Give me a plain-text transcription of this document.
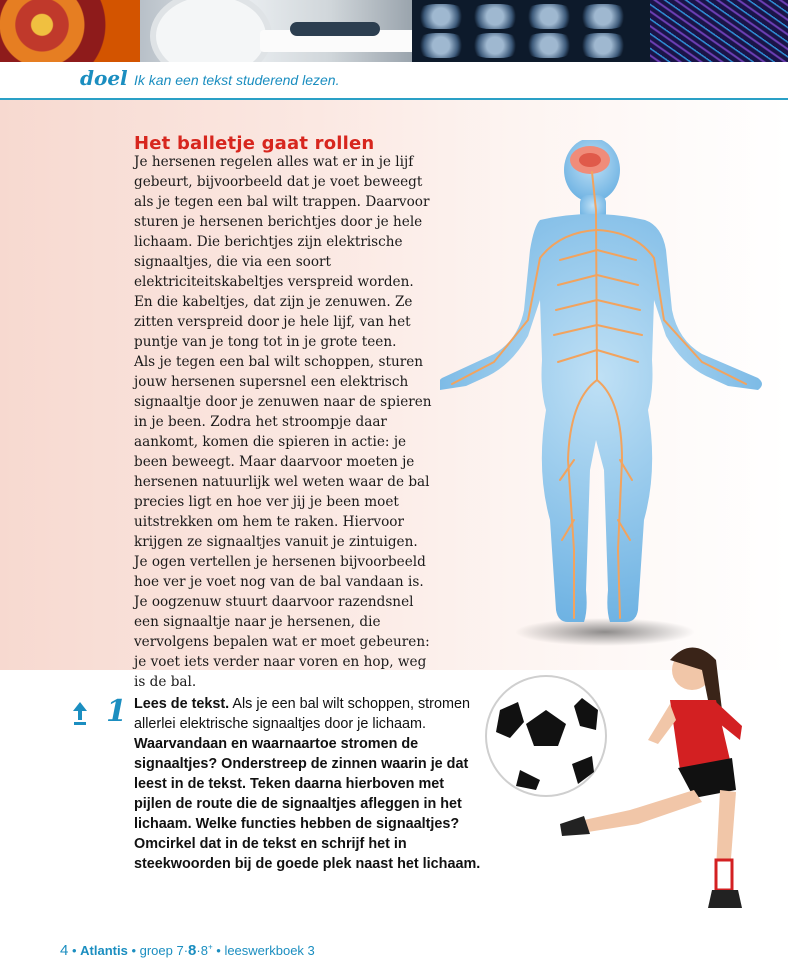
doel Ik kan een tekst studerend lezen.
Het balletje gaat rollen
Je hersenen regelen alles wat er in je lijf gebeurt, bijvoorbeeld dat je voet beweegt als je tegen een bal wilt trappen. Daarvoor sturen je hersenen berichtjes door je hele lichaam. Die berichtjes zijn elektrische signaaltjes, die via een soort elektriciteitskabeltjes verspreid worden. En die kabeltjes, dat zijn je zenuwen. Ze zitten verspreid door je hele lijf, van het puntje van je tong tot in je grote teen.
Als je tegen een bal wilt schoppen, sturen jouw hersenen supersnel een elektrisch signaaltje door je zenuwen naar de spieren in je been. Zodra het stroompje daar aankomt, komen die spieren in actie: je been beweegt. Maar daarvoor moeten je hersenen natuurlijk wel weten waar de bal precies ligt en hoe ver jij je been moet uitstrekken om hem te raken. Hiervoor krijgen ze signaaltjes vanuit je zintuigen. Je ogen vertellen je hersenen bijvoorbeeld hoe ver je voet nog van de bal vandaan is. Je oogzenuw stuurt daarvoor razendsnel een signaaltje naar je hersenen, die vervolgens bepalen wat er moet gebeuren: je voet iets verder naar voren en hop, weg is de bal.
1 Lees de tekst. Als je een bal wilt schoppen, stromen allerlei elektrische signaaltjes door je lichaam.
Waarvandaan en waarnaartoe stromen de signaaltjes? Onderstreep de zinnen waarin je dat leest in de tekst. Teken daarna hierboven met pijlen de route die de signaaltjes afleggen in het lichaam. Welke functies hebben de signaaltjes? Omcirkel dat in de tekst en schrijf het in steekwoorden bij de goede plek naast het lichaam.
4 • Atlantis • groep 7·8·8+ • leeswerkboek 3
